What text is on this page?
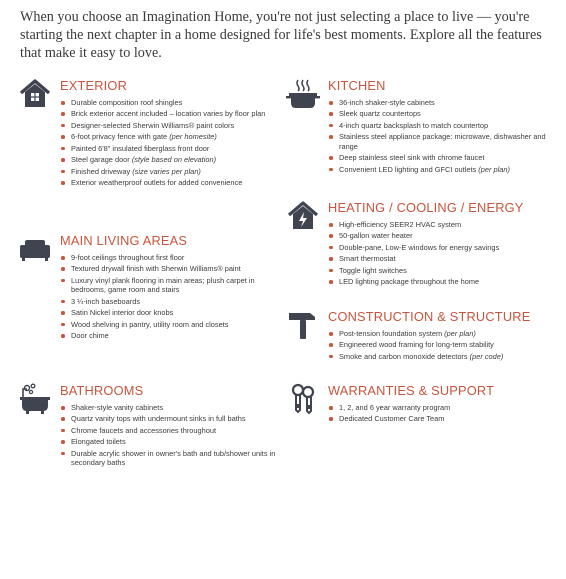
When you choose an Imagination Home, you're not just selecting a place to live — you're starting the next chapter in a home designed for life's best moments. Explore all the features that make it easy to love.
EXTERIOR
Durable composition roof shingles
Brick exterior accent included – location varies by floor plan
Designer-selected Sherwin Williams® paint colors
6-foot privacy fence with gate (per homesite)
Painted 6'8" insulated fiberglass front door
Steel garage door (style based on elevation)
Finished driveway (size varies per plan)
Exterior weatherproof outlets for added convenience
MAIN LIVING AREAS
9-foot ceilings throughout first floor
Textured drywall finish with Sherwin Williams® paint
Luxury vinyl plank flooring in main areas; plush carpet in bedrooms, game room and stairs
3 ¼-inch baseboards
Satin Nickel interior door knobs
Wood shelving in pantry, utility room and closets
Door chime
BATHROOMS
Shaker-style vanity cabinets
Quartz vanity tops with undermount sinks in full baths
Chrome faucets and accessories throughout
Elongated toilets
Durable acrylic shower in owner's bath and tub/shower units in secondary baths
KITCHEN
36-inch shaker-style cabinets
Sleek quartz countertops
4-inch quartz backsplash to match countertop
Stainless steel appliance package: microwave, dishwasher and range
Deep stainless steel sink with chrome faucet
Convenient LED lighting and GFCI outlets (per plan)
HEATING / COOLING / ENERGY
High-efficiency SEER2 HVAC system
50-gallon water heater
Double-pane, Low-E windows for energy savings
Smart thermostat
Toggle light switches
LED lighting package throughout the home
CONSTRUCTION & STRUCTURE
Post-tension foundation system (per plan)
Engineered wood framing for long-term stability
Smoke and carbon monoxide detectors (per code)
WARRANTIES & SUPPORT
1, 2, and 6 year warranty program
Dedicated Customer Care Team
